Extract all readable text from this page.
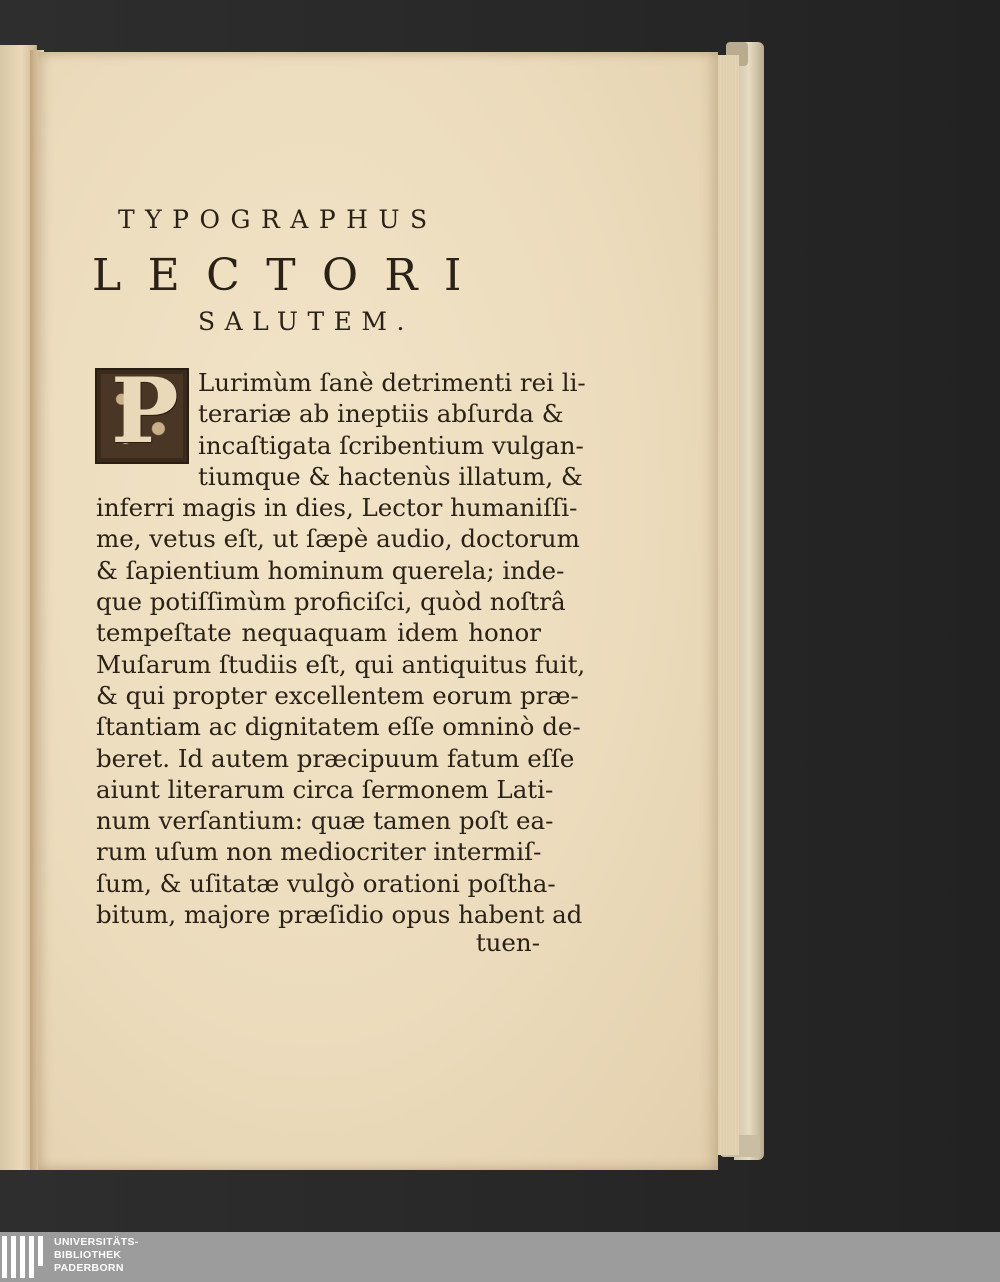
TYPOGRAPHUS
LECTORI
SALUTEM.
P Lurimùm ſanè detrimenti rei li-
terariæ ab ineptiis abſurda &
incaſtigata ſcribentium vulgan-
tiumque & hactenùs illatum, &
inferri magis in dies, Lector humaniſſi-
me, vetus eſt, ut ſæpè audio, doctorum
& ſapientium hominum querela; inde-
que potiſſimùm proficiſci, quòd noſtrâ
tempeſtate nequaquam idem honor
Muſarum ſtudiis eſt, qui antiquitus fuit,
& qui propter excellentem eorum præ-
ſtantiam ac dignitatem eſſe omninò de-
beret. Id autem præcipuum fatum eſſe
aiunt literarum circa ſermonem Lati-
num verſantium: quæ tamen poſt ea-
rum uſum non mediocriter intermiſ-
ſum, & uſitatæ vulgò orationi poſtha-
bitum, majore præſidio opus habent ad
tuen-
UNIVERSITÄTS-
BIBLIOTHEK
PADERBORN
